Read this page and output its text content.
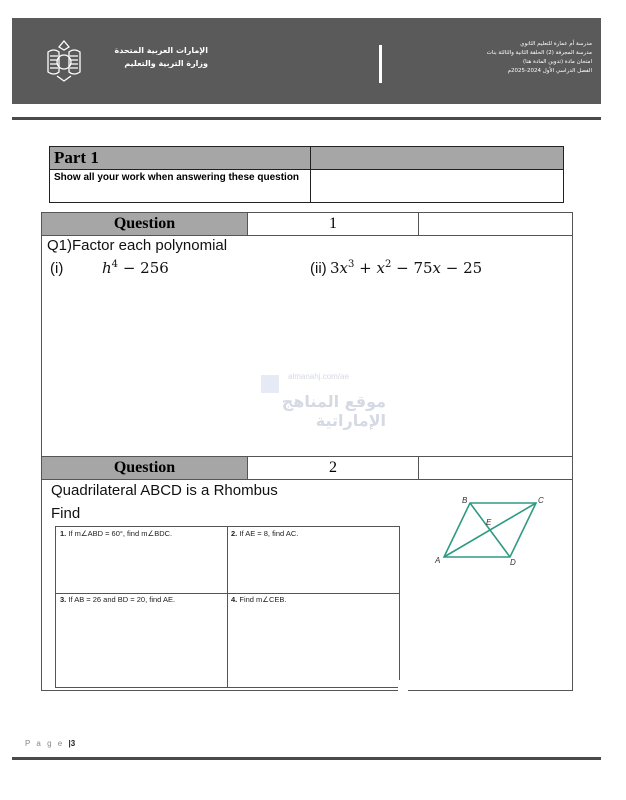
الإمارات العربية المتحدة
وزارة التربية والتعليم
مدرسة أم عمارة للتعليم الثانوي
مدرسة المجرفة (2) الحلقة الثانية والثالثة بنات
امتحان مادة (تدوين المادة هنا)
الفصل الدراسي الأول 2024-2025م
Part 1	
Show all your work when answering these question	
Question	1
Q1)Factor each polynomial
(i)	$h^4 - 256$	(ii) $3x^3 + x^2 - 75x - 25$
almanahj.com/ae
موقع المناهج الإماراتية
Question	2
Quadrilateral ABCD is a Rhombus
Find
B	C
A	D
E
1. If m∠ABD = 60°, find m∠BDC.	2. If AE = 8, find AC.
3. If AB = 26 and BD = 20, find AE.	4. Find m∠CEB.
P a g e |3
